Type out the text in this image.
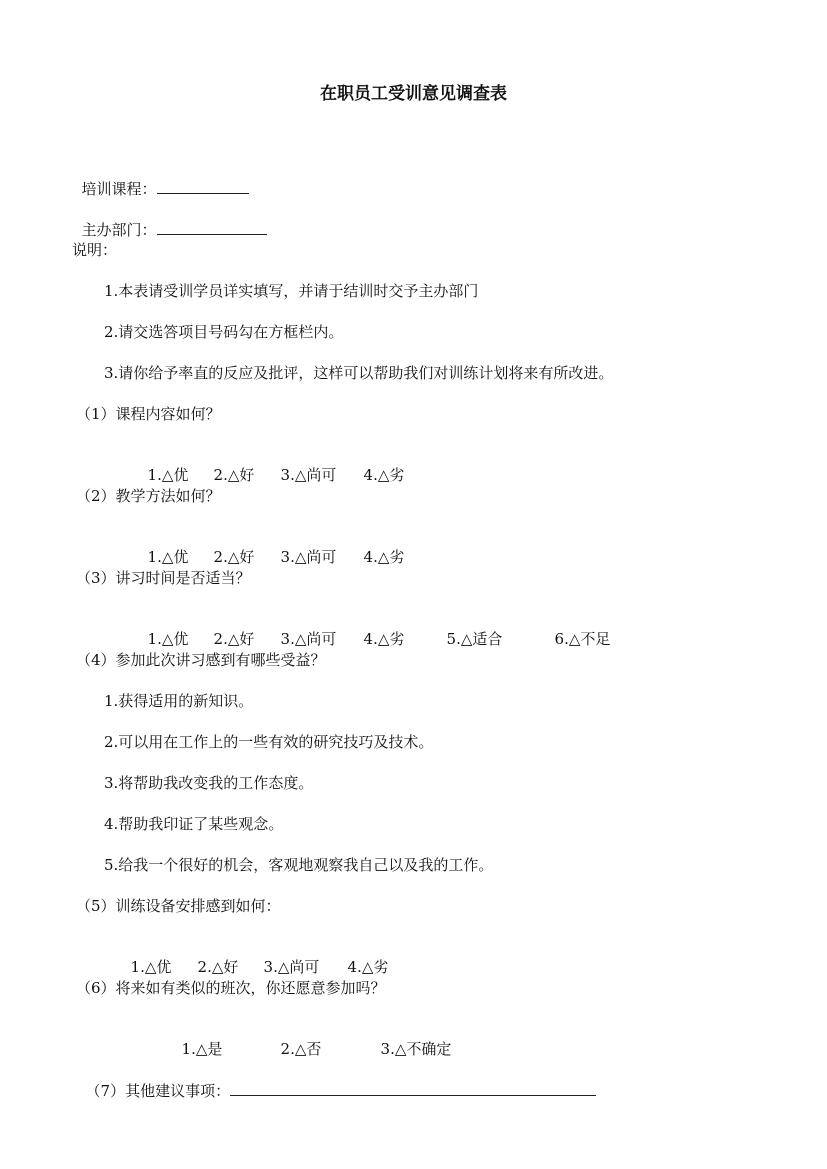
在职员工受训意见调查表

培训课程：

主办部门：

说明：
1.本表请受训学员详实填写，并请于结训时交予主办部门
2.请交选答项目号码勾在方框栏内。
3.请你给予率直的反应及批评，这样可以帮助我们对训练计划将来有所改进。
（1）课程内容如何？

1.△优 2.△好 3.△尚可 4.△劣

（2）教学方法如何？

1.△优 2.△好 3.△尚可 4.△劣

（3）讲习时间是否适当？

1.△优 2.△好 3.△尚可 4.△劣	5.△适合	6.△不足

（4）参加此次讲习感到有哪些受益？
1.获得适用的新知识。
2.可以用在工作上的一些有效的研究技巧及技术。
3.将帮助我改变我的工作态度。
4.帮助我印证了某些观念。
5.给我一个很好的机会，客观地观察我自己以及我的工作。
（5）训练设备安排感到如何：

1.△优 2.△好 3.△尚可 4.△劣

（6）将来如有类似的班次，你还愿意参加吗？

1.△是	2.△否	3.△不确定

（7）其他建议事项：
